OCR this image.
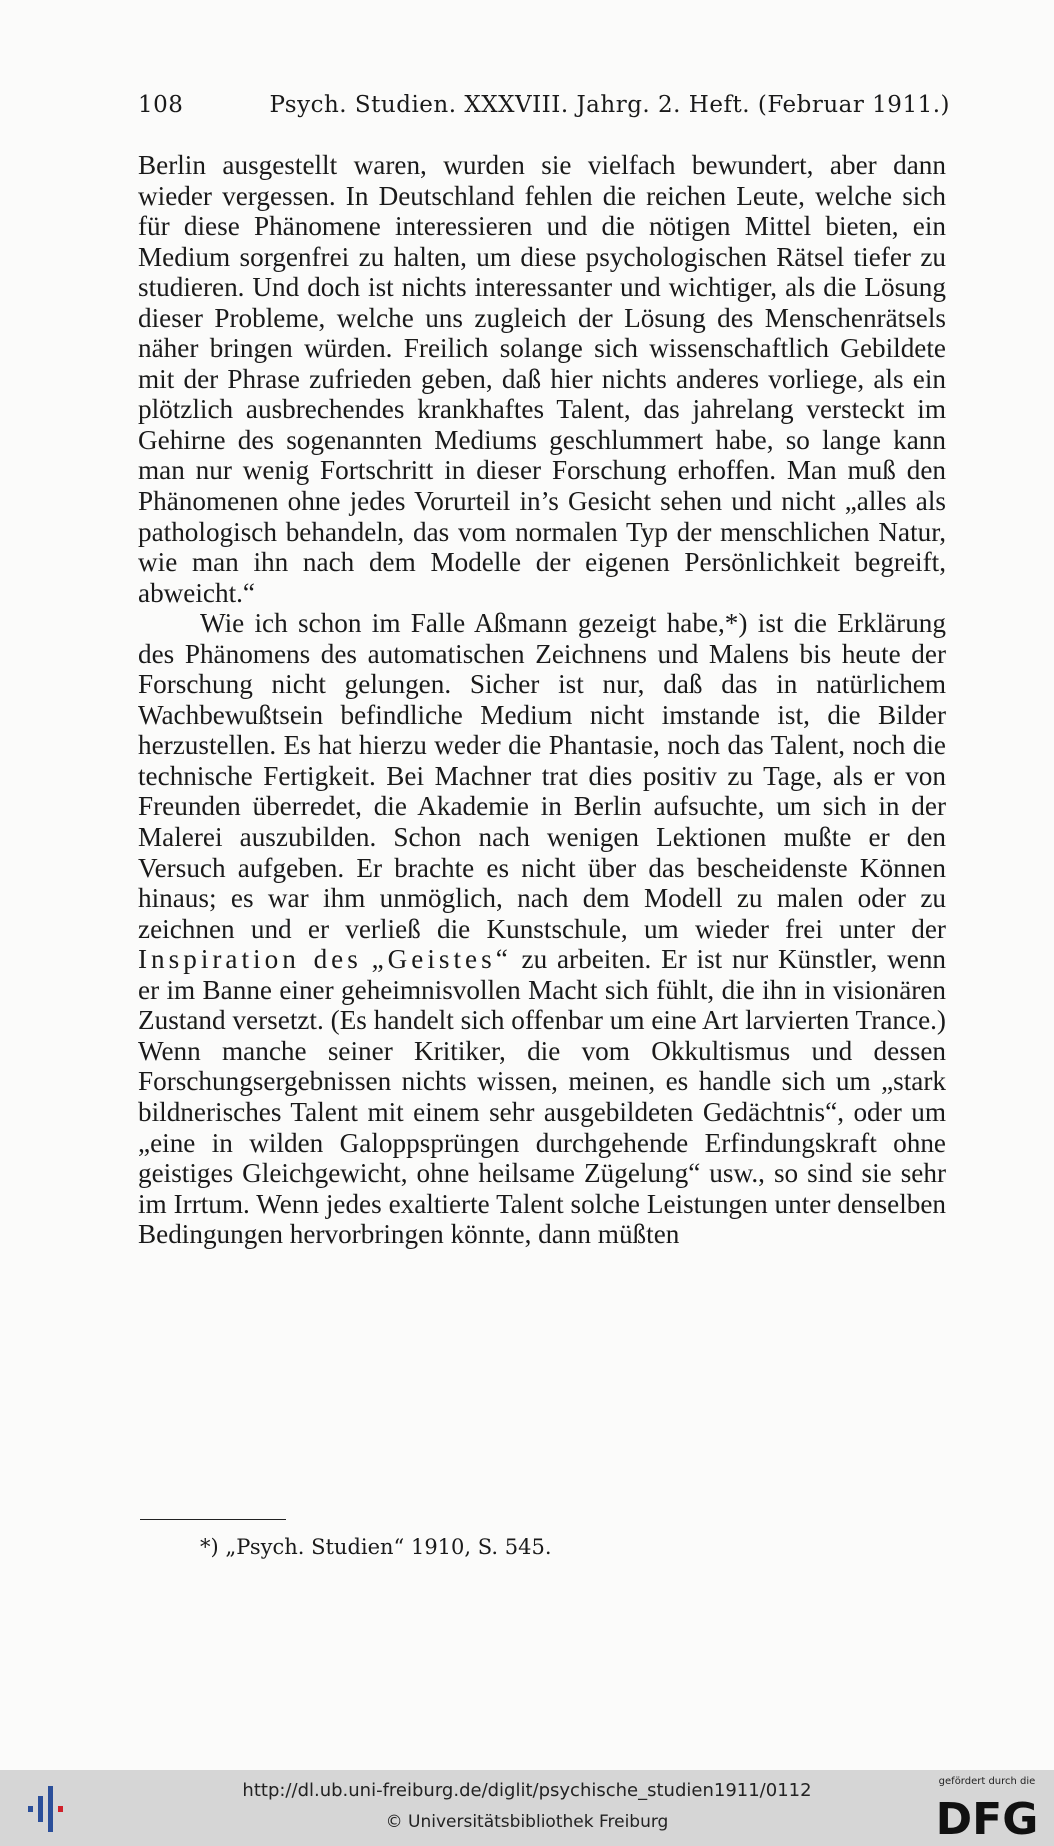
108	Psych. Studien. XXXVIII. Jahrg. 2. Heft. (Februar 1911.)

Berlin ausgestellt waren, wurden sie vielfach bewundert, aber dann wieder vergessen. In Deutschland fehlen die reichen Leute, welche sich für diese Phänomene interessieren und die nötigen Mittel bieten, ein Medium sorgenfrei zu halten, um diese psychologischen Rätsel tiefer zu studieren. Und doch ist nichts interessanter und wichtiger, als die Lösung dieser Probleme, welche uns zugleich der Lösung des Menschenrätsels näher bringen würden. Freilich solange sich wissenschaftlich Gebildete mit der Phrase zufrieden geben, daß hier nichts anderes vorliege, als ein plötzlich ausbrechendes krankhaftes Talent, das jahrelang versteckt im Gehirne des sogenannten Mediums geschlummert habe, so lange kann man nur wenig Fortschritt in dieser Forschung erhoffen. Man muß den Phänomenen ohne jedes Vorurteil in’s Gesicht sehen und nicht „alles als pathologisch behandeln, das vom normalen Typ der menschlichen Natur, wie man ihn nach dem Modelle der eigenen Persönlichkeit begreift, abweicht.“

Wie ich schon im Falle Aßmann gezeigt habe,*) ist die Erklärung des Phänomens des automatischen Zeichnens und Malens bis heute der Forschung nicht gelungen. Sicher ist nur, daß das in natürlichem Wachbewußtsein befindliche Medium nicht imstande ist, die Bilder herzustellen. Es hat hierzu weder die Phantasie, noch das Talent, noch die technische Fertigkeit. Bei Machner trat dies positiv zu Tage, als er von Freunden überredet, die Akademie in Berlin aufsuchte, um sich in der Malerei auszubilden. Schon nach wenigen Lektionen mußte er den Versuch aufgeben. Er brachte es nicht über das bescheidenste Können hinaus; es war ihm unmöglich, nach dem Modell zu malen oder zu zeichnen und er verließ die Kunstschule, um wieder frei unter der Inspiration des „Geistes“ zu arbeiten. Er ist nur Künstler, wenn er im Banne einer geheimnisvollen Macht sich fühlt, die ihn in visionären Zustand versetzt. (Es handelt sich offenbar um eine Art larvierten Trance.) Wenn manche seiner Kritiker, die vom Okkultismus und dessen Forschungsergebnissen nichts wissen, meinen, es handle sich um „stark bildnerisches Talent mit einem sehr ausgebildeten Gedächtnis“, oder um „eine in wilden Galoppsprüngen durchgehende Erfindungskraft ohne geistiges Gleichgewicht, ohne heilsame Zügelung“ usw., so sind sie sehr im Irrtum. Wenn jedes exaltierte Talent solche Leistungen unter denselben Bedingungen hervorbringen könnte, dann müßten

*) „Psych. Studien“ 1910, S. 545.
http://dl.ub.uni-freiburg.de/diglit/psychische_studien1911/0112
© Universitätsbibliothek Freiburg
gefördert durch die
DFG
